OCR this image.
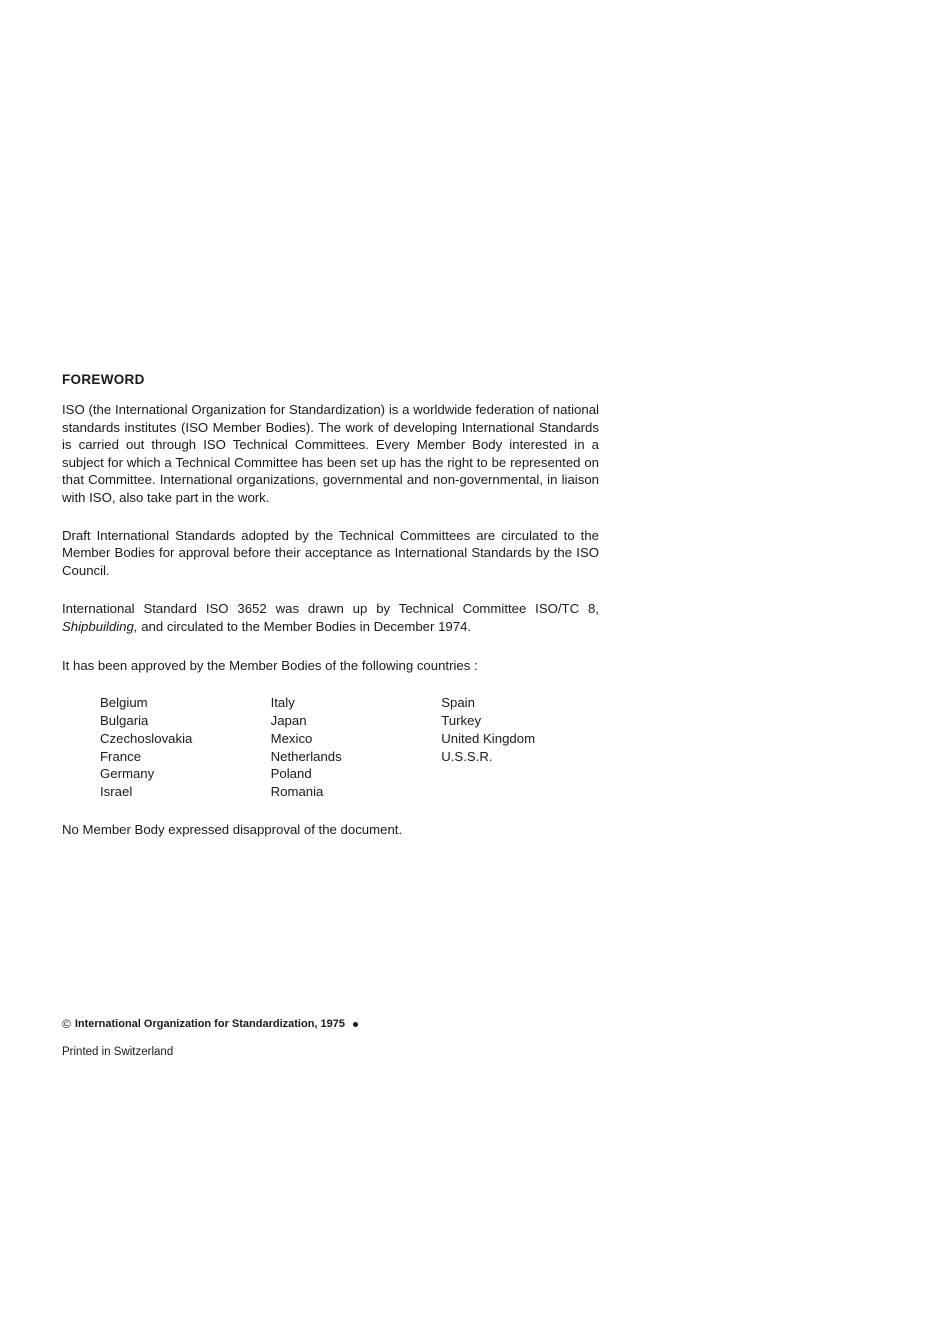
FOREWORD

ISO (the International Organization for Standardization) is a worldwide federation of national standards institutes (ISO Member Bodies). The work of developing International Standards is carried out through ISO Technical Committees. Every Member Body interested in a subject for which a Technical Committee has been set up has the right to be represented on that Committee. International organizations, governmental and non-governmental, in liaison with ISO, also take part in the work.

Draft International Standards adopted by the Technical Committees are circulated to the Member Bodies for approval before their acceptance as International Standards by the ISO Council.

International Standard ISO 3652 was drawn up by Technical Committee ISO/TC 8, Shipbuilding, and circulated to the Member Bodies in December 1974.

It has been approved by the Member Bodies of the following countries :

Belgium
Bulgaria
Czechoslovakia
France
Germany
Israel
Italy
Japan
Mexico
Netherlands
Poland
Romania
Spain
Turkey
United Kingdom
U.S.S.R.

No Member Body expressed disapproval of the document.

© International Organization for Standardization, 1975
Printed in Switzerland
